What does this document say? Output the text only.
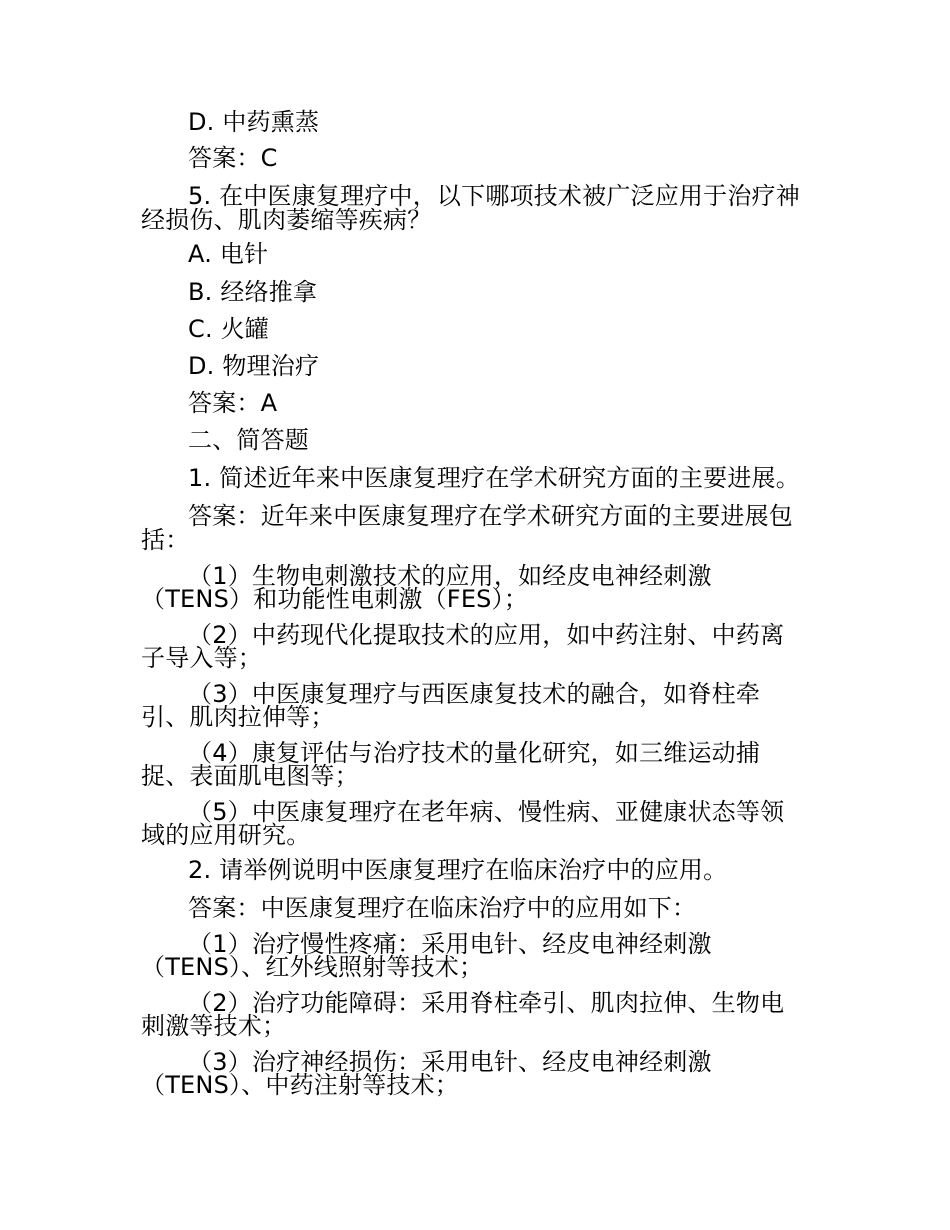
D. 中药熏蒸
答案：C
5. 在中医康复理疗中，以下哪项技术被广泛应用于治疗神
经损伤、肌肉萎缩等疾病？
A. 电针
B. 经络推拿
C. 火罐
D. 物理治疗
答案：A
二、简答题
1. 简述近年来中医康复理疗在学术研究方面的主要进展。
答案：近年来中医康复理疗在学术研究方面的主要进展包
括：
（1）生物电刺激技术的应用，如经皮电神经刺激
（TENS）和功能性电刺激（FES）；
（2）中药现代化提取技术的应用，如中药注射、中药离
子导入等；
（3）中医康复理疗与西医康复技术的融合，如脊柱牵
引、肌肉拉伸等；
（4）康复评估与治疗技术的量化研究，如三维运动捕
捉、表面肌电图等；
（5）中医康复理疗在老年病、慢性病、亚健康状态等领
域的应用研究。
2. 请举例说明中医康复理疗在临床治疗中的应用。
答案：中医康复理疗在临床治疗中的应用如下：
（1）治疗慢性疼痛：采用电针、经皮电神经刺激
（TENS）、红外线照射等技术；
（2）治疗功能障碍：采用脊柱牵引、肌肉拉伸、生物电
刺激等技术；
（3）治疗神经损伤：采用电针、经皮电神经刺激
（TENS）、中药注射等技术；
